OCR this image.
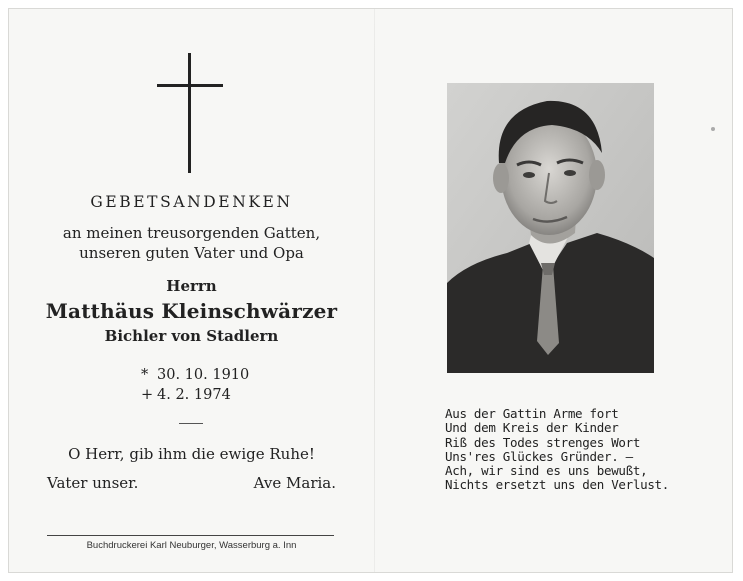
GEBETSANDENKEN
an meinen treusorgenden Gatten,
unseren guten Vater und Opa
Herrn
Matthäus Kleinschwärzer
Bichler von Stadlern
* 30. 10. 1910
+ 4. 2. 1974
O Herr, gib ihm die ewige Ruhe!
Vater unser.	Ave Maria.
Buchdruckerei Karl Neuburger, Wasserburg a. Inn
Aus der Gattin Arme fort
Und dem Kreis der Kinder
Riß des Todes strenges Wort
Uns'res Glückes Gründer. —
Ach, wir sind es uns bewußt,
Nichts ersetzt uns den Verlust.
